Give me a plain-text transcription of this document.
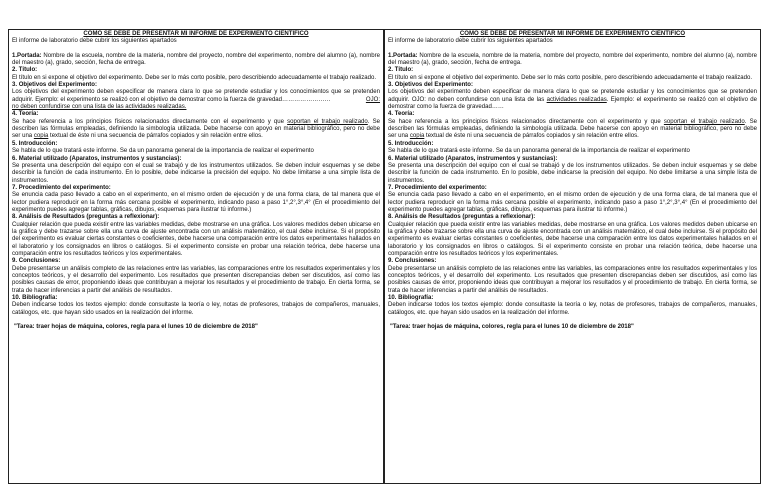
COMO SE DEBE DE PRESENTAR MI INFORME DE EXPERIMENTO CIENTIFICO
El informe de laboratorio debe cubrir los siguientes apartados
1.Portada: Nombre de la escuela, nombre de la materia, nombre del proyecto, nombre del experimento, nombre del alumno (a), nombre del maestro (a), grado, sección, fecha de entrega.
2. Título:
El título en si expone el objetivo del experimento. Debe ser lo más corto posible, pero describiendo adecuadamente el trabajo realizado.
3. Objetivos del Experimento:
Los objetivos del experimento deben especificar de manera clara lo que se pretende estudiar y los conocimientos que se pretenden adquirir. Ejemplo: el experimento se realizó con el objetivo de demostrar como la fuerza de gravedad……………………	OJO: no deben confundirse con una lista de las actividades realizadas.
4. Teoría:
Se hace referencia a los principios físicos relacionados directamente con el experimento y que soportan el trabajo realizado. Se describen las fórmulas empleadas, definiendo la simbología utilizada. Debe hacerse con apoyo en material bibliográfico, pero no debe ser una copia textual de éste ni una secuencia de párrafos copiados y sin relación entre ellos.
5. Introducción:
Se habla de lo que tratará este informe. Se da un panorama general de la importancia de realizar el experimento
6. Material utilizado (Aparatos, instrumentos y sustancias):
Se presenta una descripción del equipo con el cual se trabajó y de los instrumentos utilizados. Se deben incluir esquemas y se debe describir la función de cada instrumento. En lo posible, debe indicarse la precisión del equipo. No debe limitarse a una simple lista de instrumentos.
7. Procedimiento del experimento:
Se enuncia cada paso llevado a cabo en el experimento, en el mismo orden de ejecución y de una forma clara, de tal manera que el lector pudiera reproducir en la forma más cercana posible el experimento, indicando paso a paso 1°,2°,3°,4° (En el procedimiento del experimento puedes agregar tablas, gráficas, dibujos, esquemas para ilustrar tú informe.)
8. Análisis de Resultados (preguntas a reflexionar):
Cualquier relación que pueda existir entre las variables medidas, debe mostrarse en una gráfica. Los valores medidos deben ubicarse en la gráfica y debe trazarse sobre ella una curva de ajuste encontrada con un análisis matemático, el cual debe incluirse. Si el propósito del experimento es evaluar ciertas constantes o coeficientes, debe hacerse una comparación entre los datos experimentales hallados en el laboratorio y los consignados en libros o catálogos. Si el experimento consiste en probar una relación teórica, debe hacerse una comparación entre los resultados teóricos y los experimentales.
9. Conclusiones:
Debe presentarse un análisis completo de las relaciones entre las variables, las comparaciones entre los resultados experimentales y los conceptos teóricos, y el desarrollo del experimento. Los resultados que presenten discrepancias deben ser discutidos, así como las posibles causas de error, proponiendo ideas que contribuyan a mejorar los resultados y el procedimiento de trabajo. En cierta forma, se trata de hacer inferencias a partir del análisis de resultados.
10. Bibliografía:
Deben indicarse todos los textos ejemplo: donde consultaste la teoría o ley, notas de profesores, trabajos de compañeros, manuales, catálogos, etc. que hayan sido usados en la realización del informe.
"Tarea: traer hojas de máquina, colores, regla para el lunes 10 de diciembre de 2018"
COMO SE DEBE DE PRESENTAR MI INFORME DE EXPERIMENTO CIENTIFICO
El informe de laboratorio debe cubrir los siguientes apartados
1.Portada: Nombre de la escuela, nombre de la materia, nombre del proyecto, nombre del experimento, nombre del alumno (a), nombre del maestro (a), grado, sección, fecha de entrega.
2. Título:
El título en si expone el objetivo del experimento. Debe ser lo más corto posible, pero describiendo adecuadamente el trabajo realizado.
3. Objetivos del Experimento:
Los objetivos del experimento deben especificar de manera clara lo que se pretende estudiar y los conocimientos que se pretenden adquirir. OJO: no deben confundirse con una lista de las actividades realizadas. Ejemplo: el experimento se realizó con el objetivo de demostrar como la fuerza de gravedad……
4. Teoría:
Se hace referencia a los principios físicos relacionados directamente con el experimento y que soportan el trabajo realizado. Se describen las fórmulas empleadas, definiendo la simbología utilizada. Debe hacerse con apoyo en material bibliográfico, pero no debe ser una copia textual de éste ni una secuencia de párrafos copiados y sin relación entre ellos.
5. Introducción:
Se habla de lo que tratará este informe. Se da un panorama general de la importancia de realizar el experimento
6. Material utilizado (Aparatos, instrumentos y sustancias):
Se presenta una descripción del equipo con el cual se trabajó y de los instrumentos utilizados. Se deben incluir esquemas y se debe describir la función de cada instrumento. En lo posible, debe indicarse la precisión del equipo. No debe limitarse a una simple lista de instrumentos.
7. Procedimiento del experimento:
Se enuncia cada paso llevado a cabo en el experimento, en el mismo orden de ejecución y de una forma clara, de tal manera que el lector pudiera reproducir en la forma más cercana posible el experimento, indicando paso a paso 1°,2°,3°,4° (En el procedimiento del experimento puedes agregar tablas, gráficas, dibujos, esquemas para ilustrar tú informe.)
8. Análisis de Resultados (preguntas a reflexionar):
Cualquier relación que pueda existir entre las variables medidas, debe mostrarse en una gráfica. Los valores medidos deben ubicarse en la gráfica y debe trazarse sobre ella una curva de ajuste encontrada con un análisis matemático, el cual debe incluirse. Si el propósito del experimento es evaluar ciertas constantes o coeficientes, debe hacerse una comparación entre los datos experimentales hallados en el laboratorio y los consignados en libros o catálogos. Si el experimento consiste en probar una relación teórica, debe hacerse una comparación entre los resultados teóricos y los experimentales.
9. Conclusiones:
Debe presentarse un análisis completo de las relaciones entre las variables, las comparaciones entre los resultados experimentales y los conceptos teóricos, y el desarrollo del experimento. Los resultados que presenten discrepancias deben ser discutidos, así como las posibles causas de error, proponiendo ideas que contribuyan a mejorar los resultados y el procedimiento de trabajo. En cierta forma, se trata de hacer inferencias a partir del análisis de resultados.
10. Bibliografía:
Deben indicarse todos los textos ejemplo: donde consultaste la teoría o ley, notas de profesores, trabajos de compañeros, manuales, catálogos, etc. que hayan sido usados en la realización del informe.
"Tarea: traer hojas de máquina, colores, regla para el lunes 10 de diciembre de 2018"
